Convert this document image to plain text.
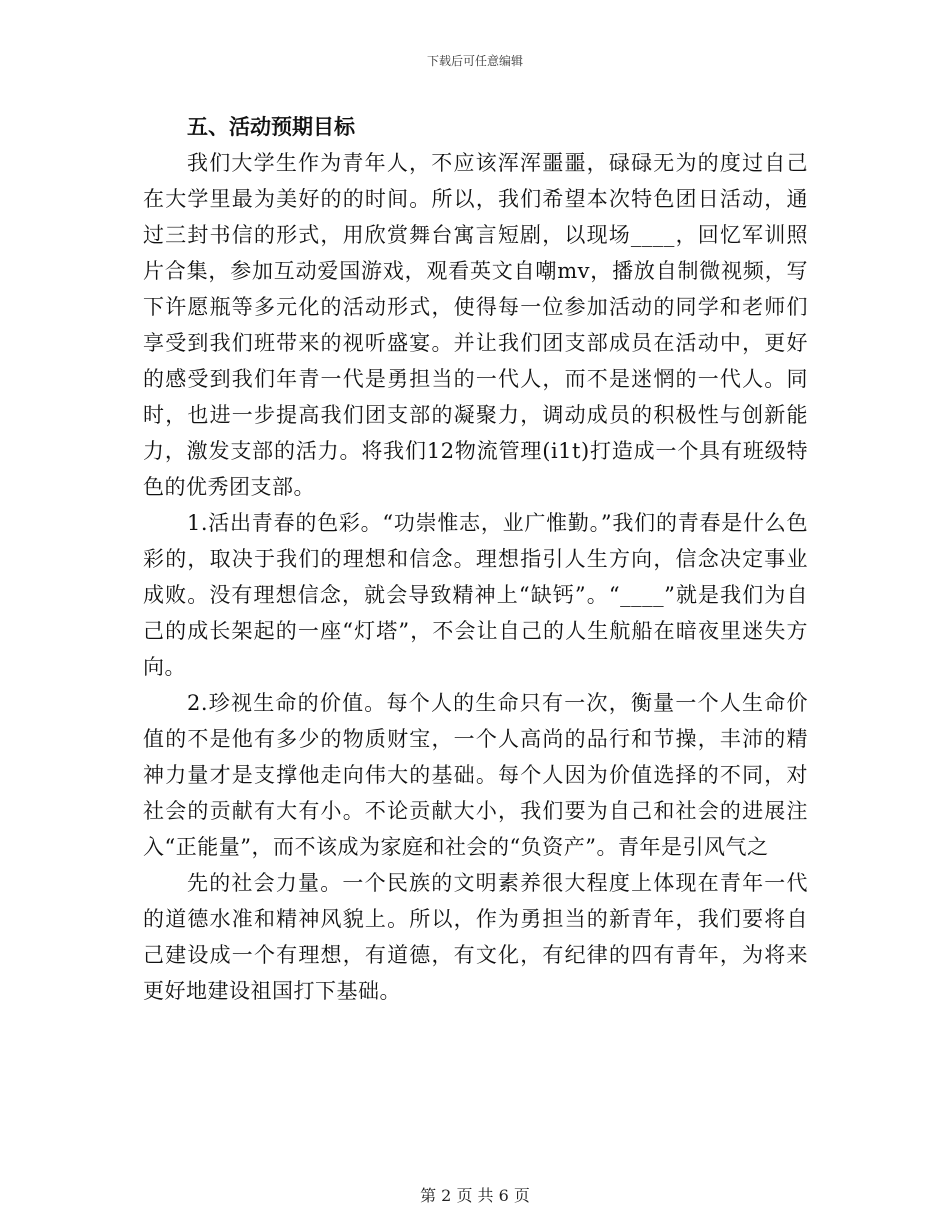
下载后可任意编辑
五、活动预期目标

我们大学生作为青年人，不应该浑浑噩噩，碌碌无为的度过自己在大学里最为美好的的时间。所以，我们希望本次特色团日活动，通过三封书信的形式，用欣赏舞台寓言短剧，以现场____，回忆军训照片合集，参加互动爱国游戏，观看英文自嘲mv，播放自制微视频，写下许愿瓶等多元化的活动形式，使得每一位参加活动的同学和老师们享受到我们班带来的视听盛宴。并让我们团支部成员在活动中，更好的感受到我们年青一代是勇担当的一代人，而不是迷惘的一代人。同时，也进一步提高我们团支部的凝聚力，调动成员的积极性与创新能力，激发支部的活力。将我们12物流管理(i1t)打造成一个具有班级特色的优秀团支部。

1.活出青春的色彩。“功崇惟志，业广惟勤。”我们的青春是什么色彩的，取决于我们的理想和信念。理想指引人生方向，信念决定事业成败。没有理想信念，就会导致精神上“缺钙”。“____”就是我们为自己的成长架起的一座“灯塔”，不会让自己的人生航船在暗夜里迷失方向。

2.珍视生命的价值。每个人的生命只有一次，衡量一个人生命价值的不是他有多少的物质财宝，一个人高尚的品行和节操，丰沛的精神力量才是支撑他走向伟大的基础。每个人因为价值选择的不同，对社会的贡献有大有小。不论贡献大小，我们要为自己和社会的进展注入“正能量”，而不该成为家庭和社会的“负资产”。青年是引风气之

先的社会力量。一个民族的文明素养很大程度上体现在青年一代的道德水准和精神风貌上。所以，作为勇担当的新青年，我们要将自己建设成一个有理想，有道德，有文化，有纪律的四有青年，为将来更好地建设祖国打下基础。

第 2 页 共 6 页
